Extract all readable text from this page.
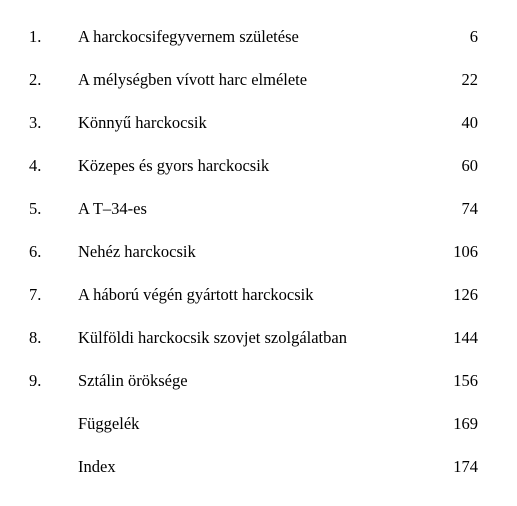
1. A harckocsifegyvernem születése	6
2. A mélységben vívott harc elmélete	22
3. Könnyű harckocsik	40
4. Közepes és gyors harckocsik	60
5. A T–34-es	74
6. Nehéz harckocsik	106
7. A háború végén gyártott harckocsik	126
8. Külföldi harckocsik szovjet szolgálatban	144
9. Sztálin öröksége	156
Függelék	169
Index	174
